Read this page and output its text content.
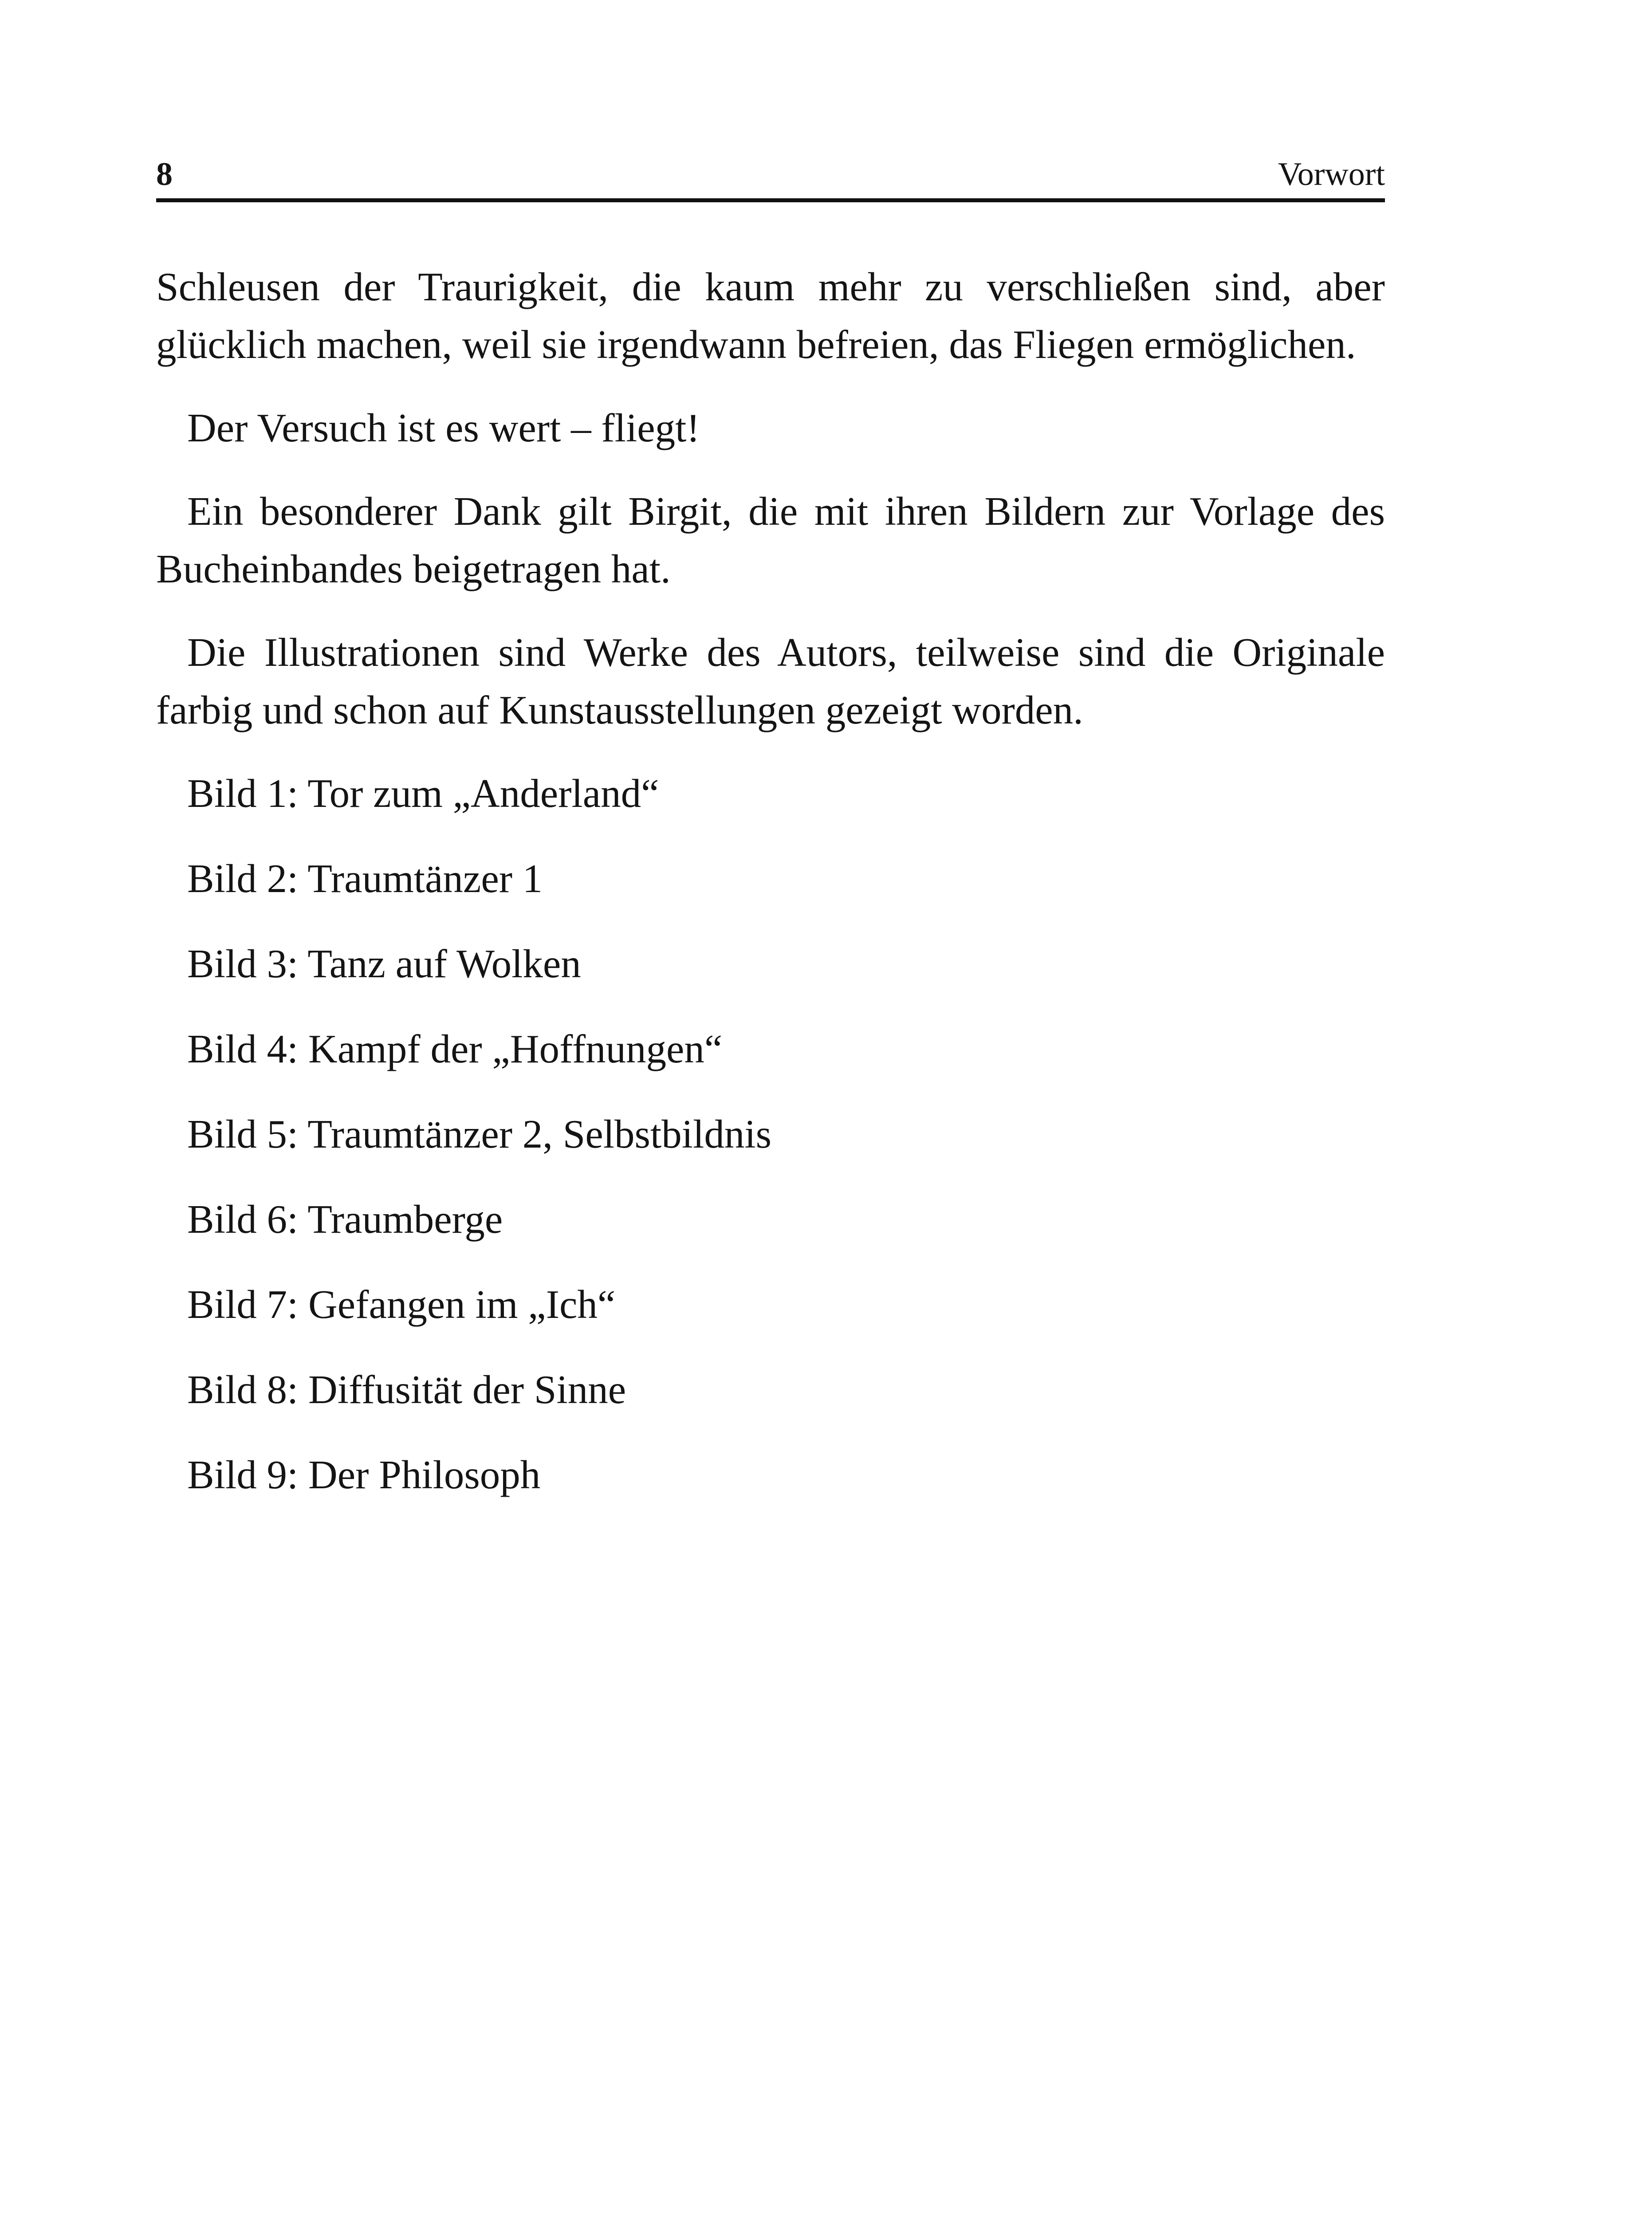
8	Vorwort

Schleusen der Traurigkeit, die kaum mehr zu verschließen sind, aber glücklich machen, weil sie irgendwann befreien, das Fliegen ermöglichen.

Der Versuch ist es wert – fliegt!

Ein besonderer Dank gilt Birgit, die mit ihren Bildern zur Vorlage des Bucheinbandes beigetragen hat.

Die Illustrationen sind Werke des Autors, teilweise sind die Originale farbig und schon auf Kunstausstellungen gezeigt worden.

Bild 1: Tor zum „Anderland“

Bild 2: Traumtänzer 1

Bild 3: Tanz auf Wolken

Bild 4: Kampf der „Hoffnungen“

Bild 5: Traumtänzer 2, Selbstbildnis

Bild 6: Traumberge

Bild 7: Gefangen im „Ich“

Bild 8: Diffusität der Sinne

Bild 9: Der Philosoph
